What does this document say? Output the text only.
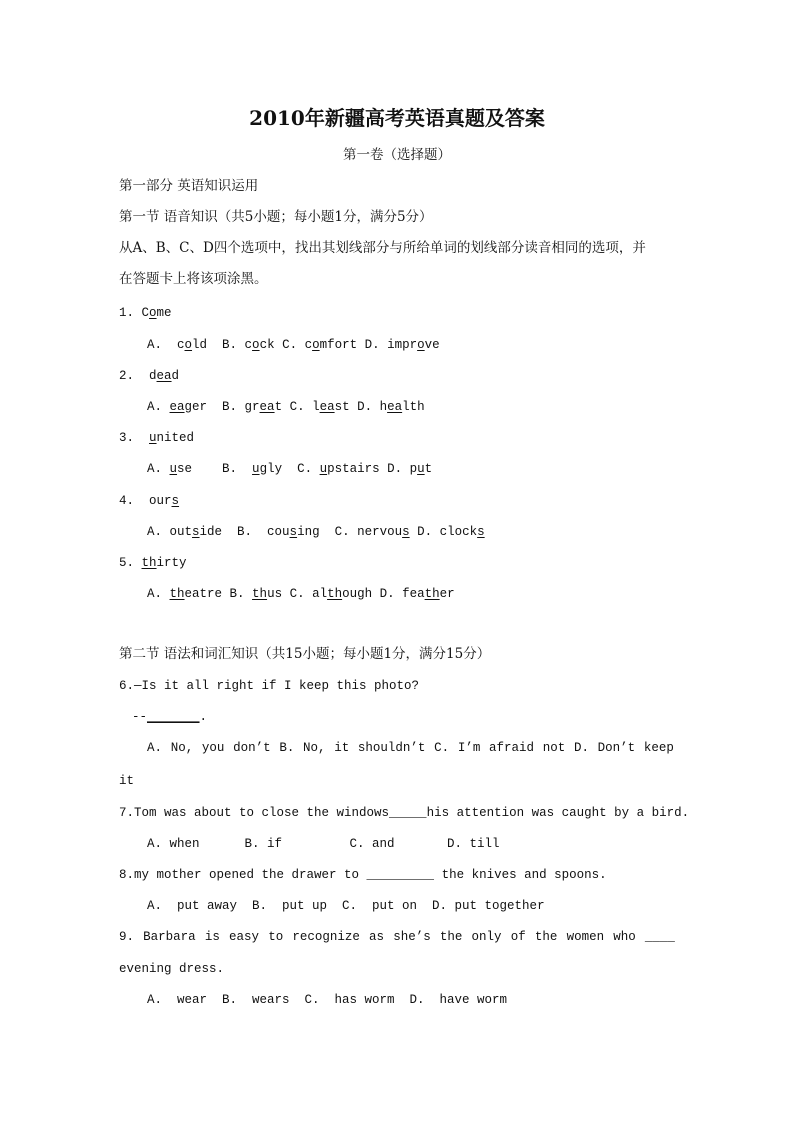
2010年新疆高考英语真题及答案
第一卷（选择题）
第一部分 英语知识运用
第一节 语音知识（共5小题；每小题1分，满分5分）
从A、B、C、D四个选项中，找出其划线部分与所给单词的划线部分读音相同的选项，并
在答题卡上将该项涂黑。
1. Come
A.  cold  B. cock C. comfort D. improve
2.  dead
A. eager  B. great C. least D. health
3.  united
A. use    B.  ugly  C. upstairs D. put
4.  ours
A. outside  B.  cousing  C. nervous D. clocks
5. thirty
A. theatre B. thus C. although D. feather
第二节 语法和词汇知识（共15小题；每小题1分，满分15分）
6.—Is it all right if I keep this photo?
--_______.
A. No, you don’t B. No, it shouldn’t C. I’m afraid not D. Don’t keep
it
7.Tom was about to close the windows_____his attention was caught by a bird.
A. when      B. if         C. and       D. till
8.my mother opened the drawer to _________ the knives and spoons.
A.  put away  B.  put up  C.  put on  D. put together
9. Barbara is easy to recognize as she’s the only of the women who ____
evening dress.
A.  wear  B.  wears  C.  has worm  D.  have worm
